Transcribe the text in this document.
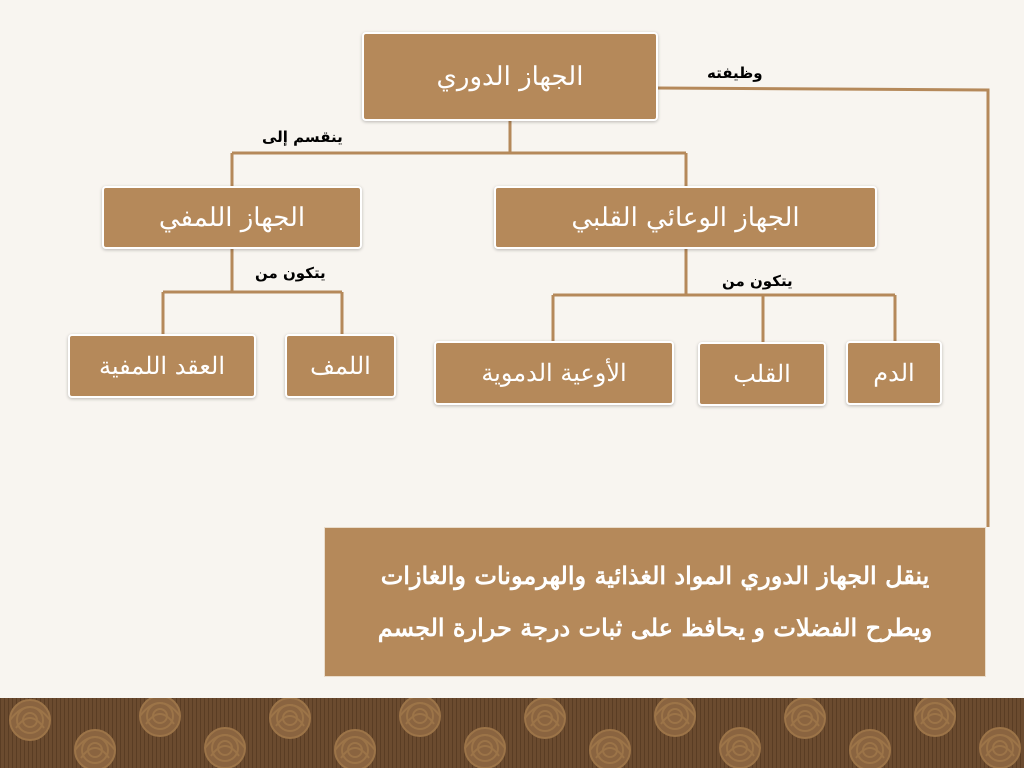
الجهاز الدوري	وظيفته
ينقسم إلى
الجهاز الوعائي القلبي
الجهاز اللمفي
يتكون من	يتكون من
العقد اللمفية	اللمف	الأوعية الدموية	القلب	الدم
ينقل الجهاز الدوري المواد الغذائية والهرمونات والغازات
ويطرح الفضلات و يحافظ على ثبات درجة حرارة الجسم
